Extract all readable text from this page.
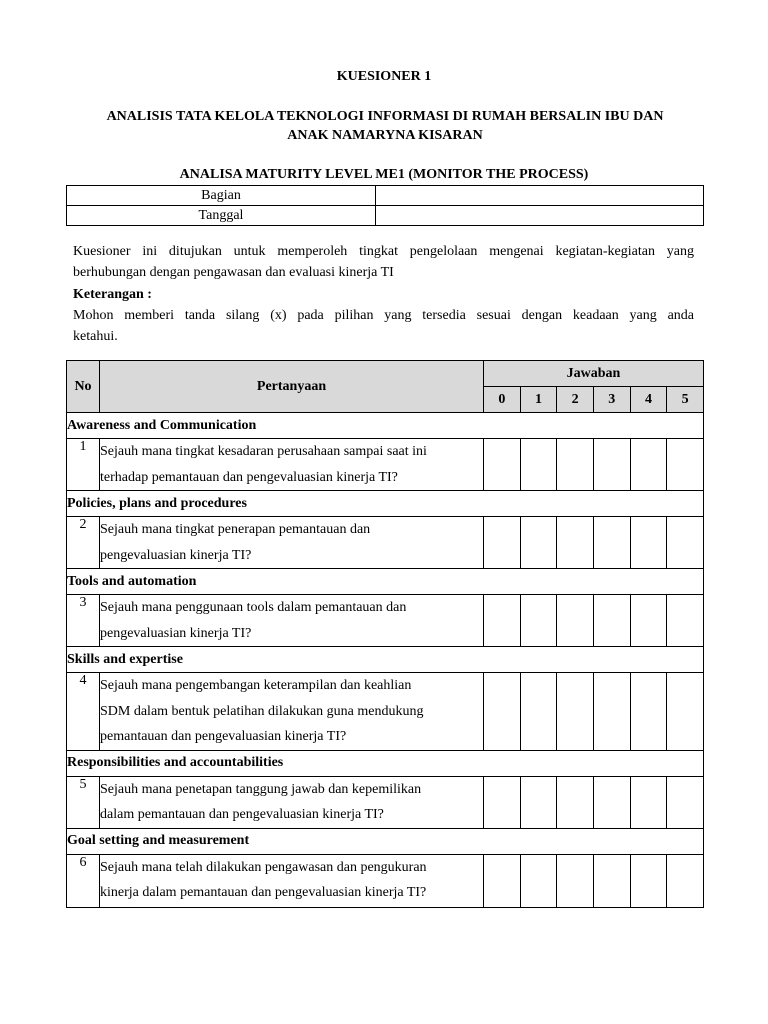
KUESIONER 1
ANALISIS TATA KELOLA TEKNOLOGI INFORMASI DI RUMAH BERSALIN IBU DAN
ANAK NAMARYNA KISARAN
ANALISA MATURITY LEVEL ME1 (MONITOR THE PROCESS)
Bagian	
Tanggal	

Kuesioner ini ditujukan untuk memperoleh tingkat pengelolaan mengenai kegiatan-kegiatan yang

berhubungan dengan pengawasan dan evaluasi kinerja TI

Keterangan :

Mohon memberi tanda silang (x) pada pilihan yang tersedia sesuai dengan keadaan yang anda

ketahui.

No	Pertanyaan	Jawaban					
		0	1	2	3	4	5
Awareness and Communication							
1	Sejauh mana tingkat kesadaran perusahaan sampai saat ini
terhadap pemantauan dan pengevaluasian kinerja TI?						

Policies, plans and procedures							
2	Sejauh mana tingkat penerapan pemantauan dan
pengevaluasian kinerja TI?						

Tools and automation							
3	Sejauh mana penggunaan tools dalam pemantauan dan
pengevaluasian kinerja TI?						

Skills and expertise							
4	Sejauh mana pengembangan keterampilan dan keahlian
SDM dalam bentuk pelatihan dilakukan guna mendukung
pemantauan dan pengevaluasian kinerja TI?						

Responsibilities and accountabilities							
5	Sejauh mana penetapan tanggung jawab dan kepemilikan
dalam pemantauan dan pengevaluasian kinerja TI?						

Goal setting and measurement							
6	Sejauh mana telah dilakukan pengawasan dan pengukuran
kinerja dalam pemantauan dan pengevaluasian kinerja TI?						
